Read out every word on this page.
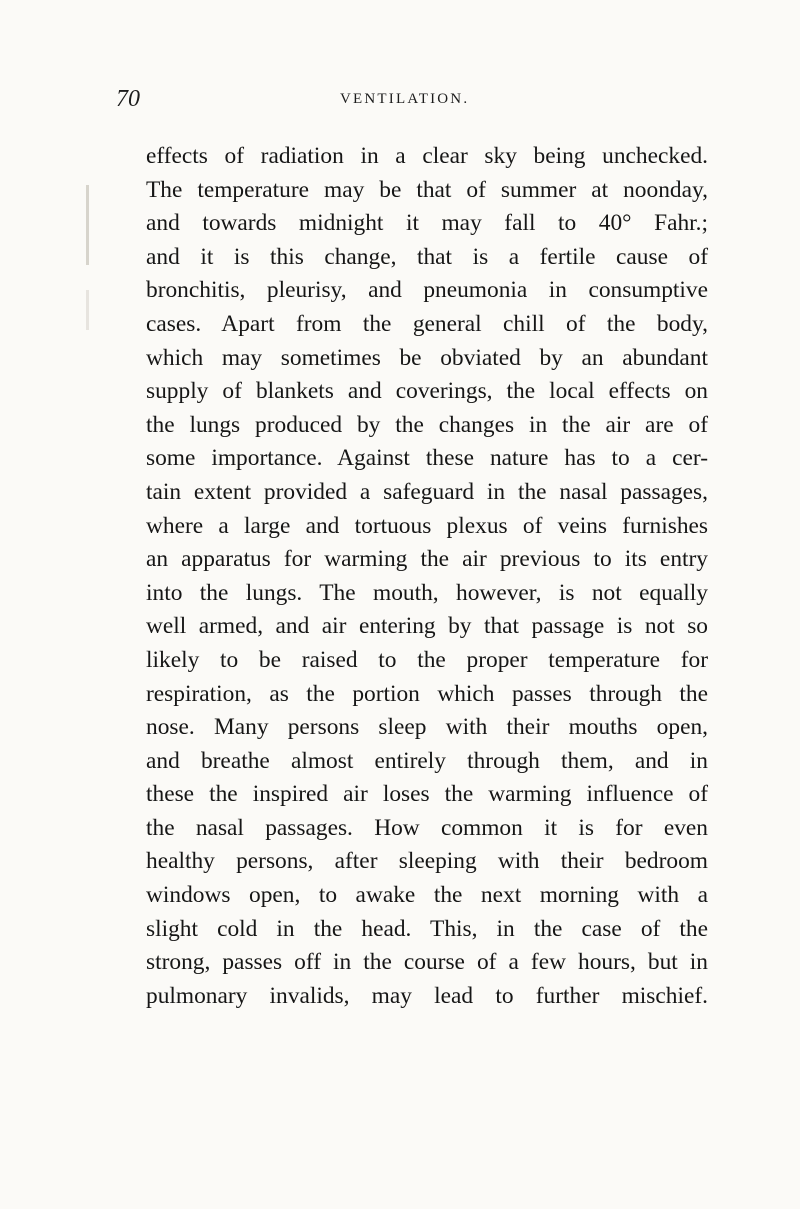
70	VENTILATION.
effects of radiation in a clear sky being unchecked.
The temperature may be that of summer at noonday,
and towards midnight it may fall to 40° Fahr.;
and it is this change, that is a fertile cause of
bronchitis, pleurisy, and pneumonia in consumptive
cases. Apart from the general chill of the body,
which may sometimes be obviated by an abundant
supply of blankets and coverings, the local effects on
the lungs produced by the changes in the air are of
some importance. Against these nature has to a cer-
tain extent provided a safeguard in the nasal passages,
where a large and tortuous plexus of veins furnishes
an apparatus for warming the air previous to its entry
into the lungs. The mouth, however, is not equally
well armed, and air entering by that passage is not so
likely to be raised to the proper temperature for
respiration, as the portion which passes through the
nose. Many persons sleep with their mouths open,
and breathe almost entirely through them, and in
these the inspired air loses the warming influence of
the nasal passages. How common it is for even
healthy persons, after sleeping with their bedroom
windows open, to awake the next morning with a
slight cold in the head. This, in the case of the
strong, passes off in the course of a few hours, but in
pulmonary invalids, may lead to further mischief.
